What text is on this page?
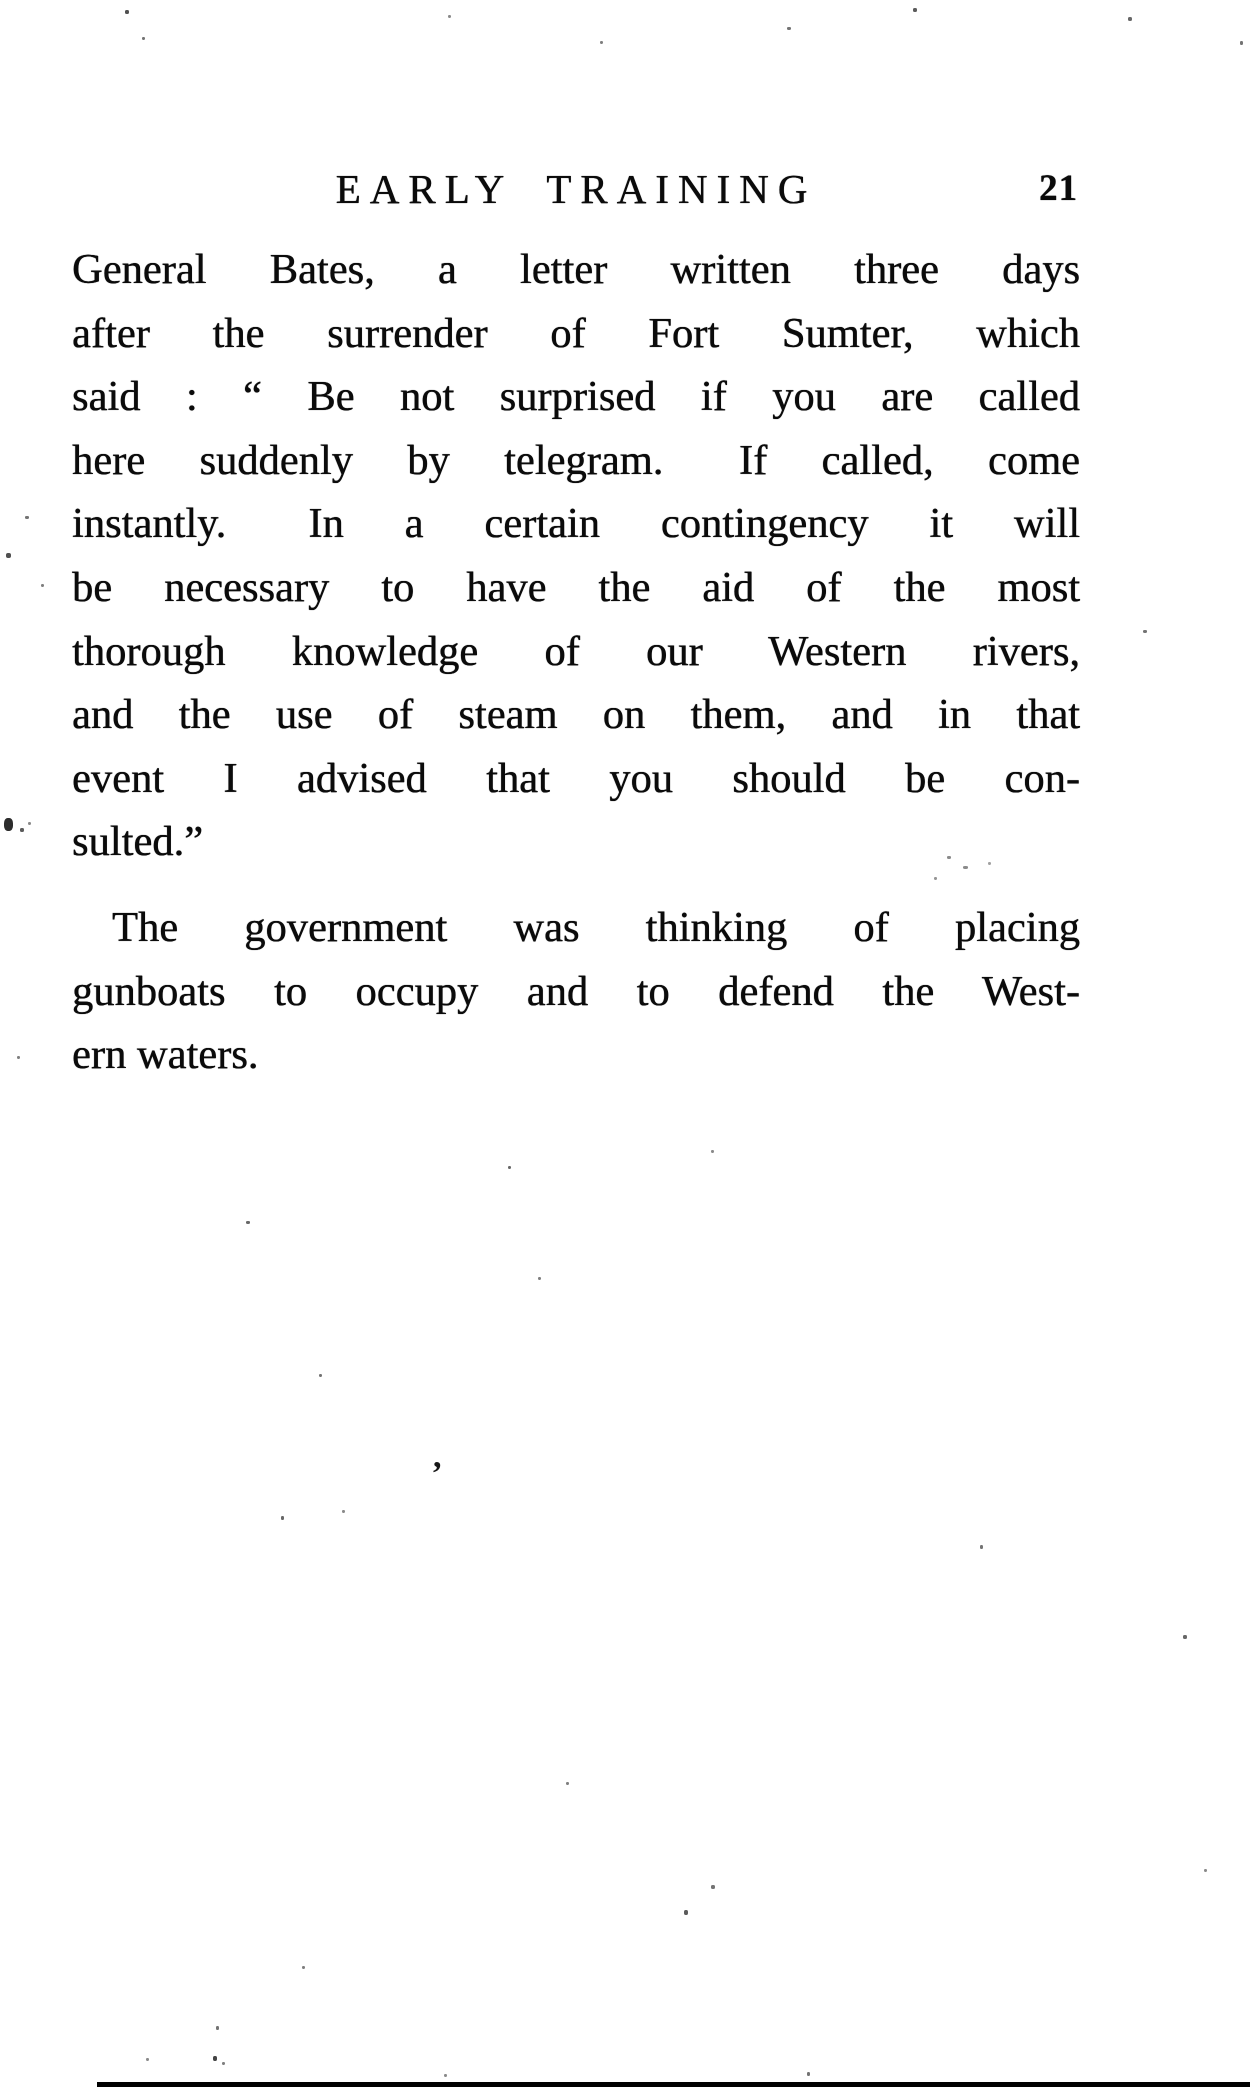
EARLY TRAINING	21
General Bates, a letter written three days
after the surrender of Fort Sumter, which
said : “ Be not surprised if you are called
here suddenly by telegram.  If called, come
instantly.  In a certain contingency it will
be necessary to have the aid of the most
thorough knowledge of our Western rivers,
and the use of steam on them, and in that
event I advised that you should be con-
sulted.”
The government was thinking of placing
gunboats to occupy and to defend the West-
ern waters.
,
